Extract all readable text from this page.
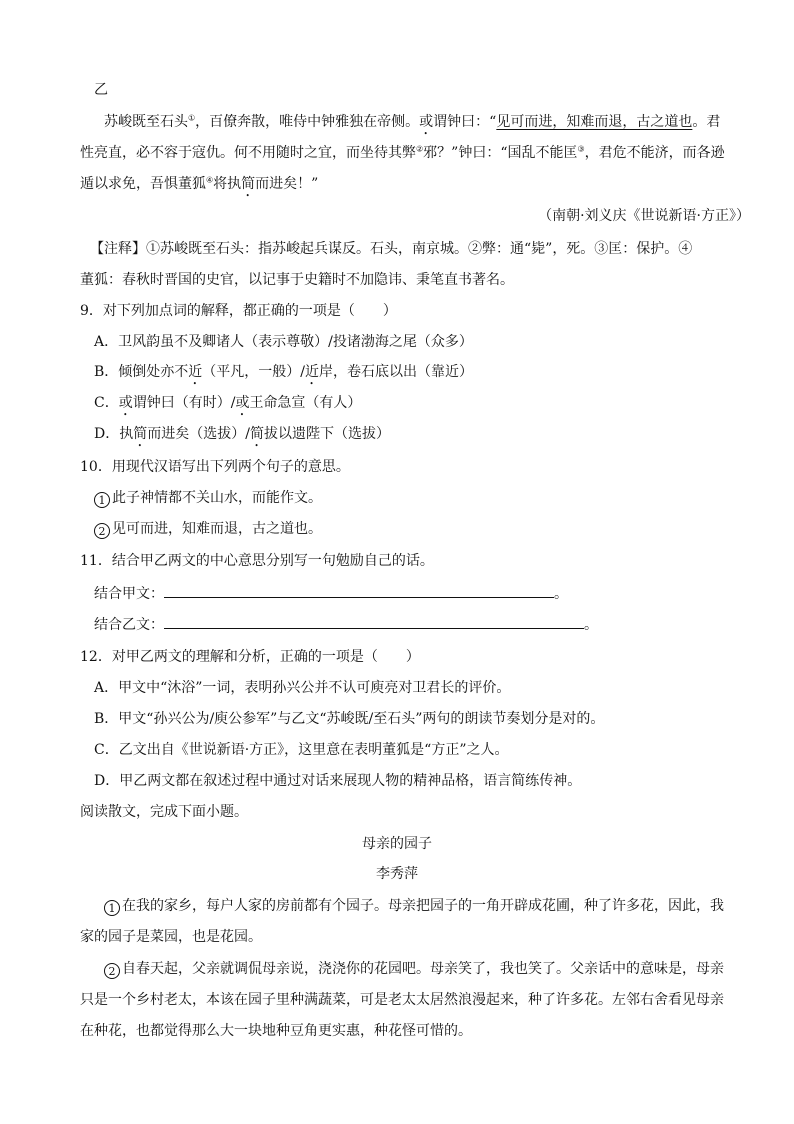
乙
苏峻既至石头①，百僚奔散，唯侍中钟雅独在帝侧。或谓钟曰：“见可而进，知难而退，古之道也。君
性亮直，必不容于寇仇。何不用随时之宜，而坐待其弊②邪？”钟曰：“国乱不能匡③，君危不能济，而各逊
遁以求免，吾惧董狐④将执简而进矣！”
（南朝·刘义庆《世说新语·方正》）
【注释】①苏峻既至石头：指苏峻起兵谋反。石头，南京城。②弊：通“毙”，死。③匡：保护。④
董狐：春秋时晋国的史官，以记事于史籍时不加隐讳、秉笔直书著名。
9．对下列加点词的解释，都正确的一项是（　　）
A．卫风韵虽不及卿诸人（表示尊敬）/投诸渤海之尾（众多）
B．倾倒处亦不近（平凡，一般）/近岸，卷石底以出（靠近）
C．或谓钟曰（有时）/或王命急宣（有人）
D．执简而进矣（选拔）/简拔以遗陛下（选拔）
10．用现代汉语写出下列两个句子的意思。
1 此子神情都不关山水，而能作文。
2 见可而进，知难而退，古之道也。
11．结合甲乙两文的中心意思分别写一句勉励自己的话。
结合甲文：	。
结合乙文：	。
12．对甲乙两文的理解和分析，正确的一项是（　　）
A．甲文中“沐浴”一词，表明孙兴公并不认可庾亮对卫君长的评价。
B．甲文“孙兴公为/庾公参军”与乙文“苏峻既/至石头”两句的朗读节奏划分是对的。
C．乙文出自《世说新语·方正》，这里意在表明董狐是“方正”之人。
D．甲乙两文都在叙述过程中通过对话来展现人物的精神品格，语言简练传神。
阅读散文，完成下面小题。
母亲的园子
李秀萍
1 在我的家乡，每户人家的房前都有个园子。母亲把园子的一角开辟成花圃，种了许多花，因此，我
家的园子是菜园，也是花园。
2 自春天起，父亲就调侃母亲说，浇浇你的花园吧。母亲笑了，我也笑了。父亲话中的意味是，母亲
只是一个乡村老太，本该在园子里种满蔬菜，可是老太太居然浪漫起来，种了许多花。左邻右舍看见母亲
在种花，也都觉得那么大一块地种豆角更实惠，种花怪可惜的。
